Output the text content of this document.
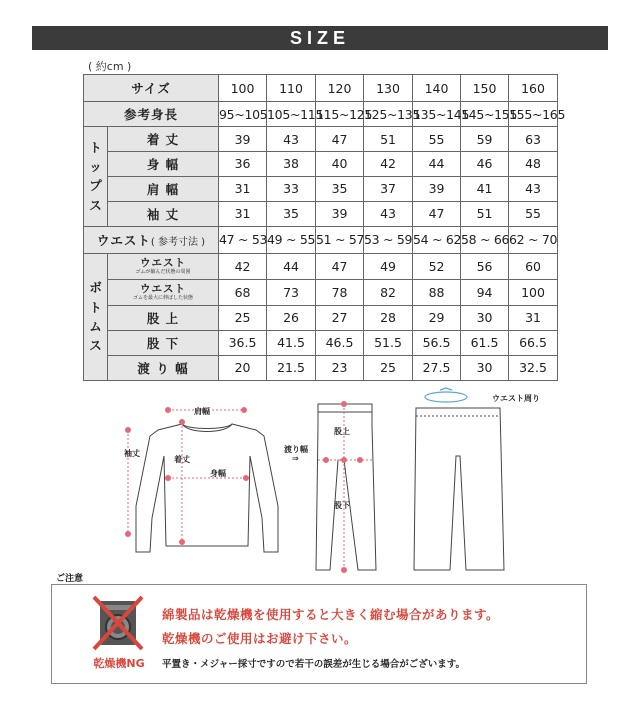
SIZE
( 約cm )
サイズ		100	110	120	130	140	150	160
参考身長		95~105	105~115	115~125	125~135	135~145	145~155	155~165

ト
ッ
プ
ス	着 丈	39	43	47	51	55	59	63
	身 幅	36	38	40	42	44	46	48
	肩 幅	31	33	35	37	39	41	43
	袖 丈	31	35	39	43	47	51	55
ウエスト( 参考寸法 )		47 ~ 53	49 ~ 55	51 ~ 57	53 ~ 59	54 ~ 62	58 ~ 66	62 ~ 70

ボ
ト
ム
ス	ウエスト
ゴムが縮んだ状態の周囲	42	44	47	49	52	56	60

	ウエスト
ゴムを最大に伸ばした状態	68	73	78	82	88	94	100
	股 上	25	26	27	28	29	30	31
	股 下	36.5	41.5	46.5	51.5	56.5	61.5	66.5
	渡 り 幅	20	21.5	23	25	27.5	30	32.5
肩幅
袖丈
着丈
身幅
渡り幅
⇒
股上
股下
ウエスト周り
ご注意
乾燥機NG
綿製品は乾燥機を使用すると大きく縮む場合があります。
乾燥機のご使用はお避け下さい。
平置き・メジャー採寸ですので若干の誤差が生じる場合がございます。
